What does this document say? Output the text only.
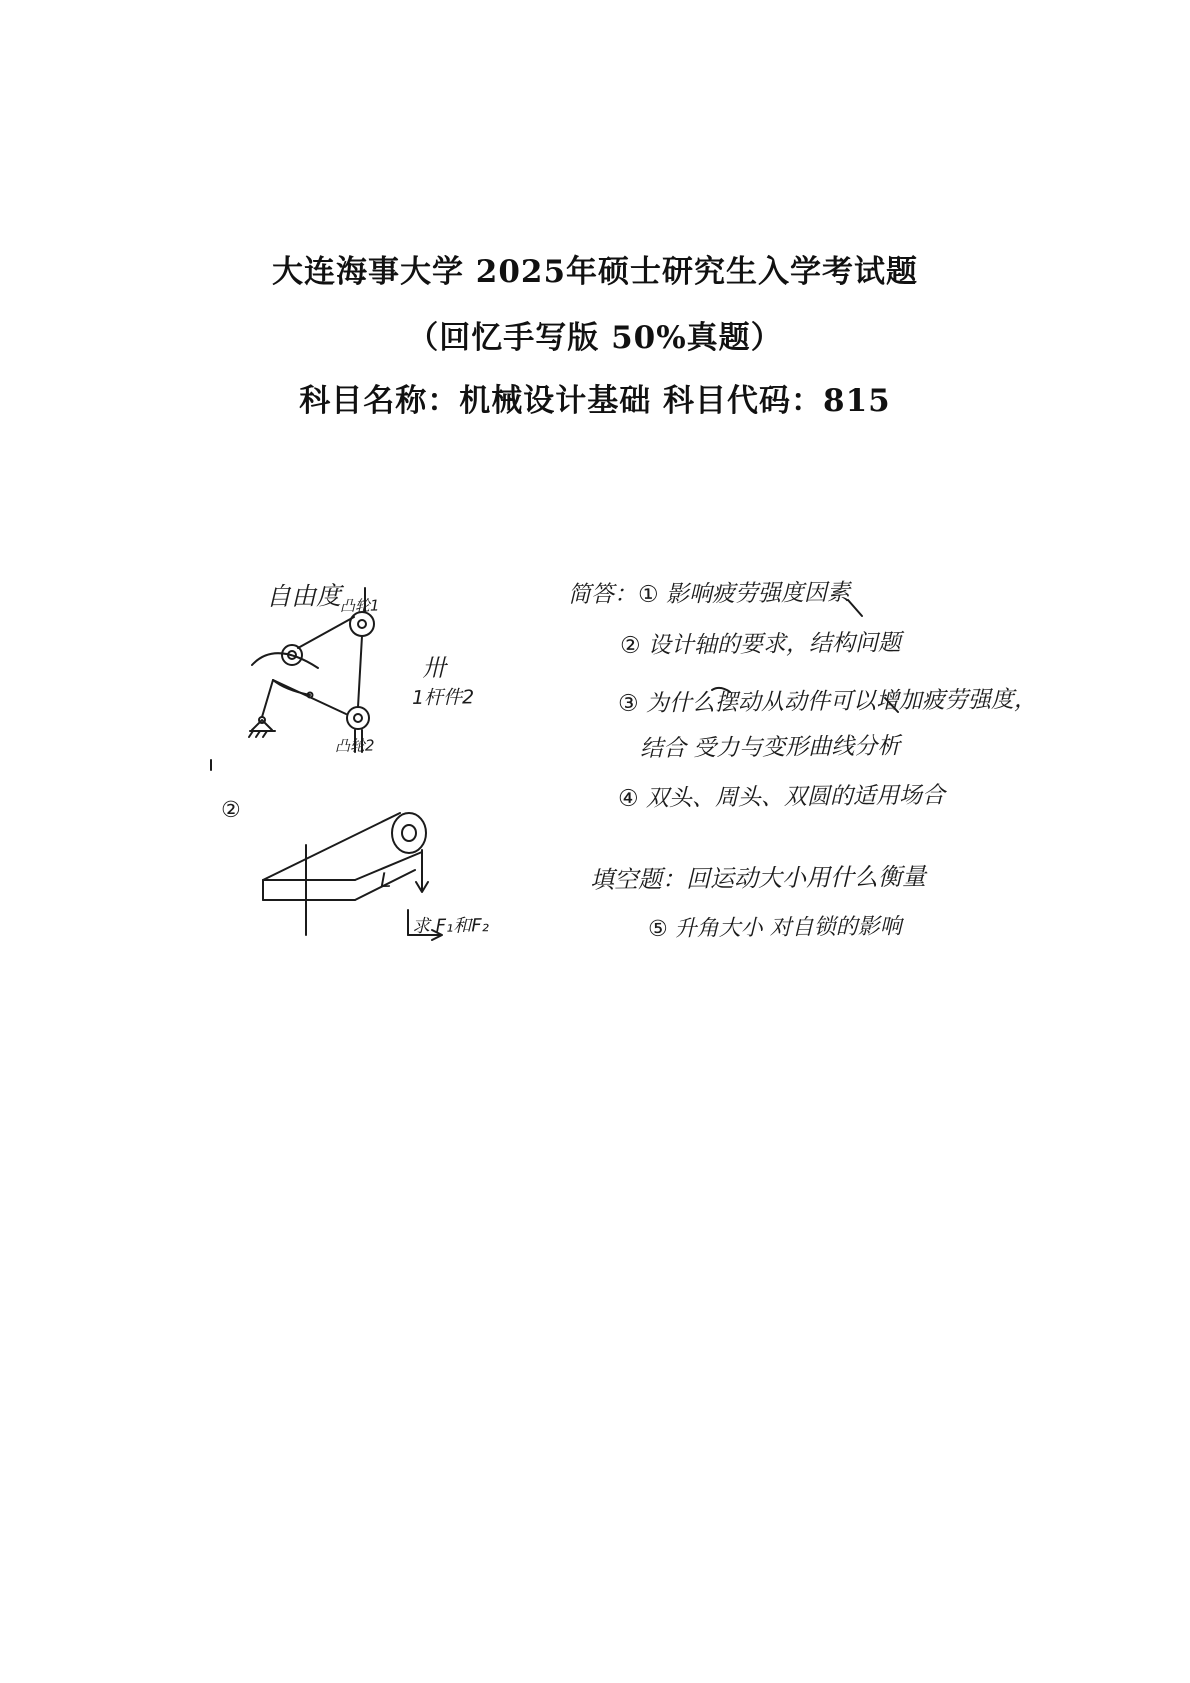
大连海事大学 2025年硕士研究生入学考试题
（回忆手写版 50%真题）
科目名称：机械设计基础 科目代码：815
自由度
凸轮1
凸轮2
卅
1杆件2
②
L
求 F₁和F₂
简答： ① 影响疲劳强度因素
② 设计轴的要求，结构问题
③ 为什么摆动从动件可以增加疲劳强度，
结合 受力与变形曲线分析
④ 双头、周头、双圆的适用场合
填空题：回运动大小用什么衡量
⑤ 升角大小 对自锁的影响
